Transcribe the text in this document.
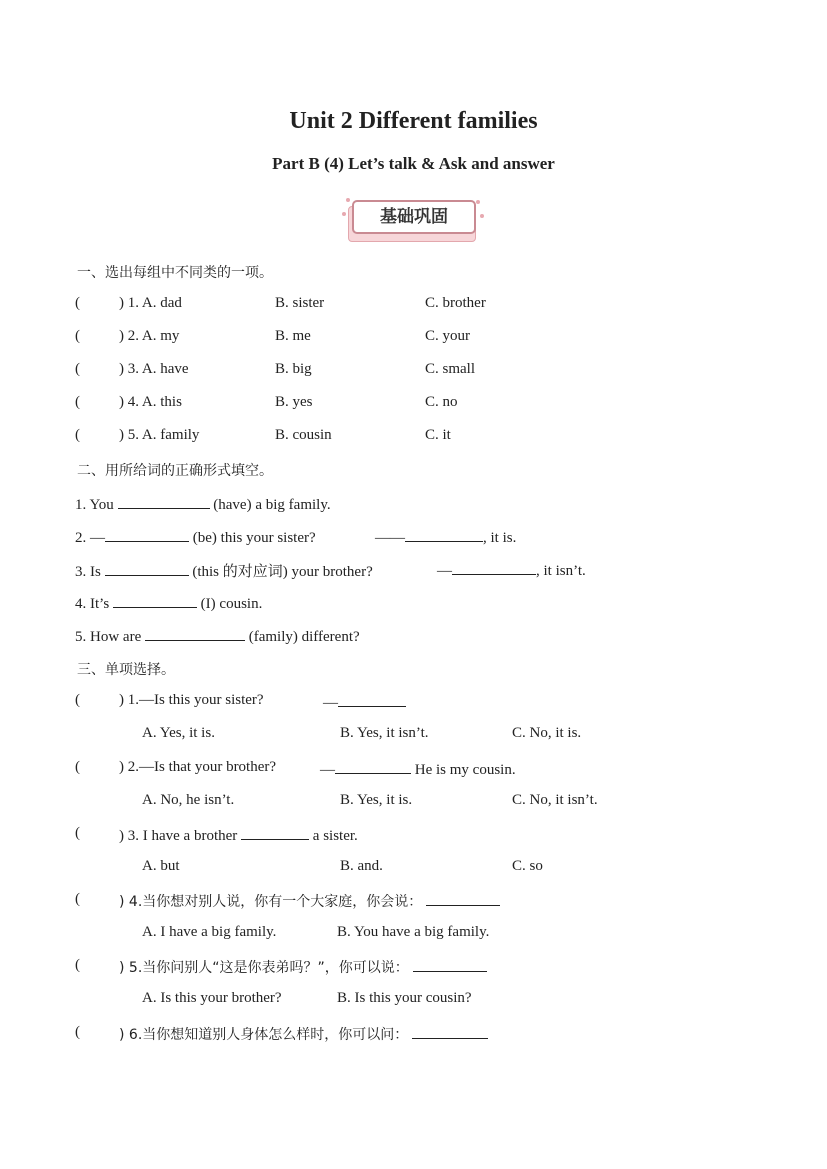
Unit 2 Different families
Part B (4) Let’s talk & Ask and answer
基础巩固
一、选出每组中不同类的一项。
(	) 1. A. dad	B. sister	C. brother
(	) 2. A. my	B. me	C. your
(	) 3. A. have	B. big	C. small
(	) 4. A. this	B. yes	C. no
(	) 5. A. family	B. cousin	C. it
二、用所给词的正确形式填空。
1. You	(have) a big family.
2. —	(be) this your sister?	——	, it is.
3. Is	(this 的对应词) your brother?	—	, it isn’t.
4. It’s	(I) cousin.
5. How are	(family) different?
三、单项选择。
(	) 1.—Is this your sister?	—
A. Yes, it is.	B. Yes, it isn’t.	C. No, it is.
(	) 2.—Is that your brother?	—	He is my cousin.
A. No, he isn’t.	B. Yes, it is.	C. No, it isn’t.
(	) 3. I have a brother	a sister.
A. but	B. and.	C. so
(	) 4.当你想对别人说，你有一个大家庭，你会说：
A. I have a big family.	B. You have a big family.
(	) 5.当你问别人“这是你表弟吗？”，你可以说：
A. Is this your brother?	B. Is this your cousin?
(	) 6.当你想知道别人身体怎么样时，你可以问：
